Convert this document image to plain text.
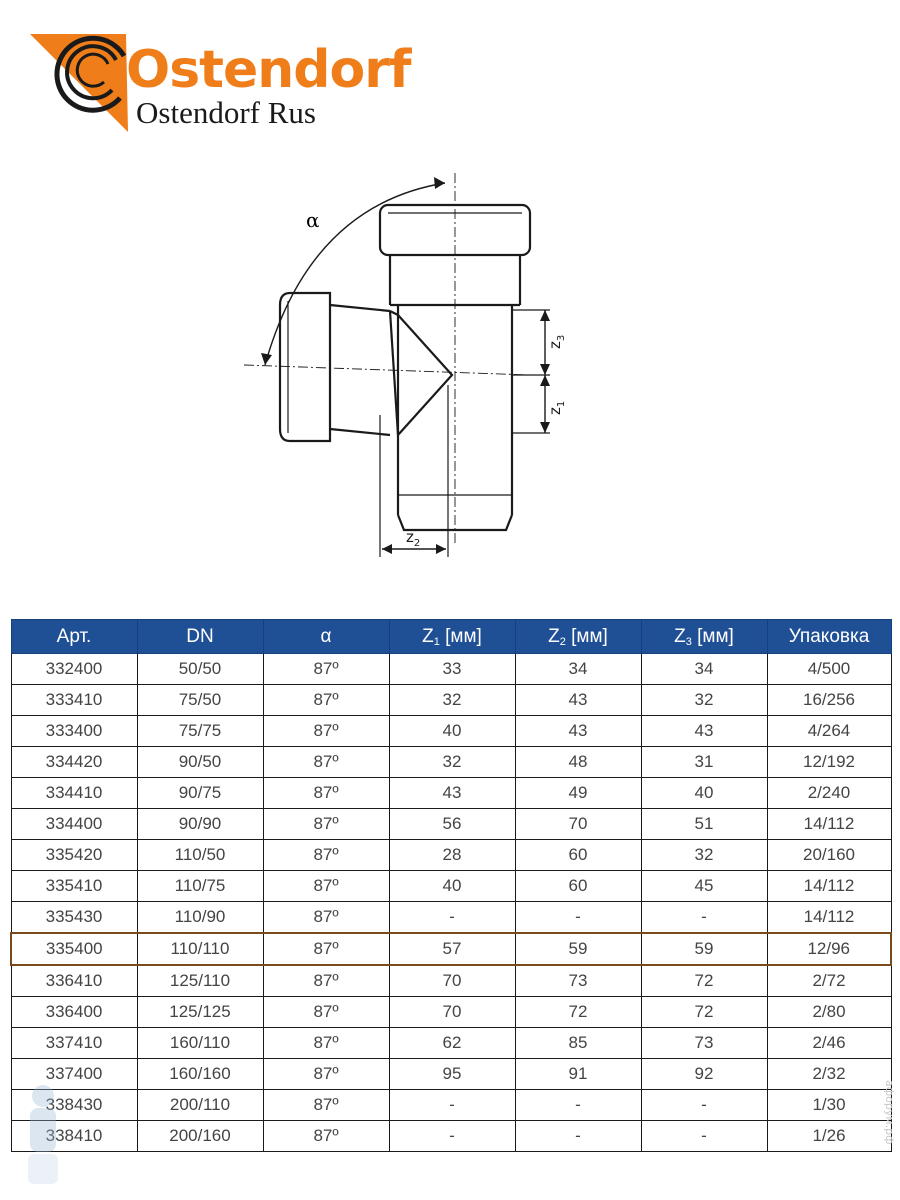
Ostendorf

Ostendorf Rus

α
$z_3$
$z_1$
$z_2$
Арт.	DN	α	$Z_1$ [мм]	$Z_2$ [мм]	$Z_3$ [мм]	Упаковка
332400	50/50	87º	33	34	34	4/500
333410	75/50	87º	32	43	32	16/256
333400	75/75	87º	40	43	43	4/264
334420	90/50	87º	32	48	31	12/192
334410	90/75	87º	43	49	40	2/240
334400	90/90	87º	56	70	51	14/112
335420	110/50	87º	28	60	32	20/160
335410	110/75	87º	40	60	45	14/112
335430	110/90	87º	-	-	-	14/112
335400	110/110	87º	57	59	59	12/96
336410	125/110	87º	70	73	72	2/72
336400	125/125	87º	70	72	72	2/80
337410	160/110	87º	62	85	73	2/46
337400	160/160	87º	95	91	92	2/32
338430	200/110	87º	-	-	-	1/30
338410	200/160	87º	-	-	-	1/26	aфорум.рф
